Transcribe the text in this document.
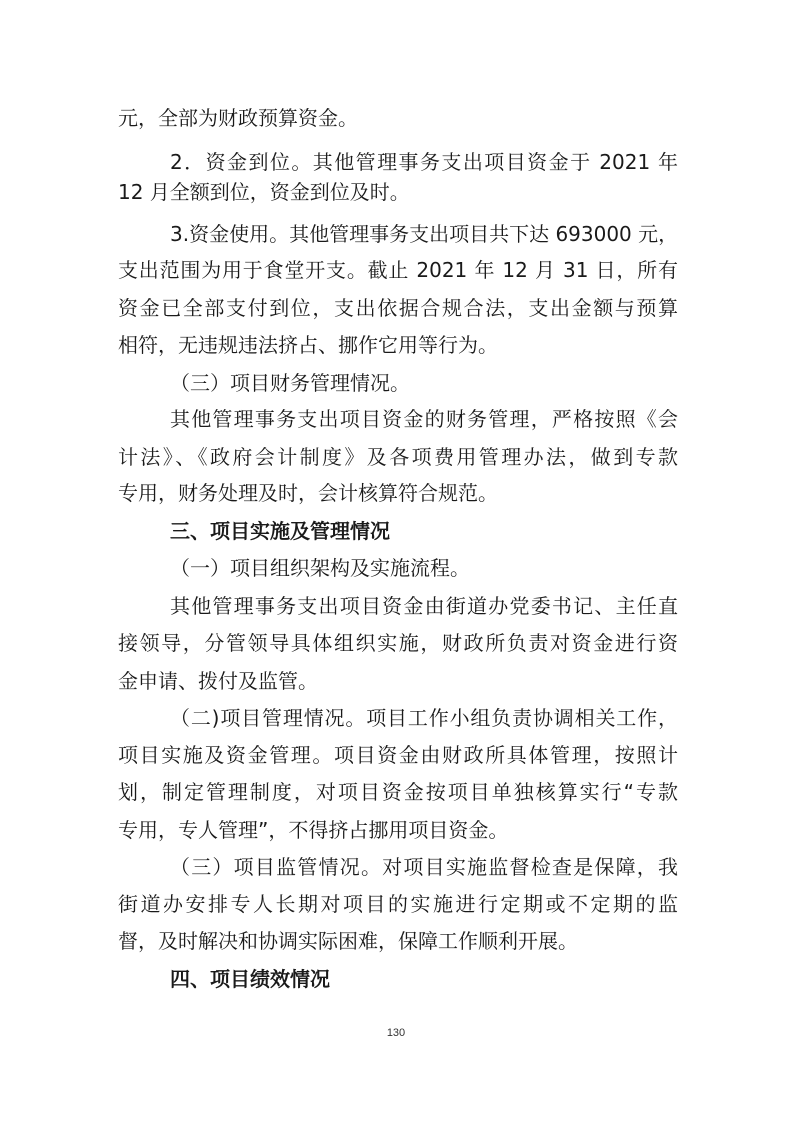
元，全部为财政预算资金。
2．资金到位。其他管理事务支出项目资金于 2021 年
12 月全额到位，资金到位及时。
3.资金使用。其他管理事务支出项目共下达 693000 元，
支出范围为用于食堂开支。截止 2021 年 12 月 31 日，所有
资金已全部支付到位，支出依据合规合法，支出金额与预算
相符，无违规违法挤占、挪作它用等行为。
（三）项目财务管理情况。
其他管理事务支出项目资金的财务管理，严格按照《会
计法》、《政府会计制度》及各项费用管理办法，做到专款
专用，财务处理及时，会计核算符合规范。
三、项目实施及管理情况
（一）项目组织架构及实施流程。
其他管理事务支出项目资金由街道办党委书记、主任直
接领导，分管领导具体组织实施，财政所负责对资金进行资
金申请、拨付及监管。
（二)项目管理情况。项目工作小组负责协调相关工作，
项目实施及资金管理。项目资金由财政所具体管理，按照计
划，制定管理制度，对项目资金按项目单独核算实行“专款
专用，专人管理”，不得挤占挪用项目资金。
（三）项目监管情况。对项目实施监督检查是保障，我
街道办安排专人长期对项目的实施进行定期或不定期的监
督，及时解决和协调实际困难，保障工作顺利开展。
四、项目绩效情况
130
